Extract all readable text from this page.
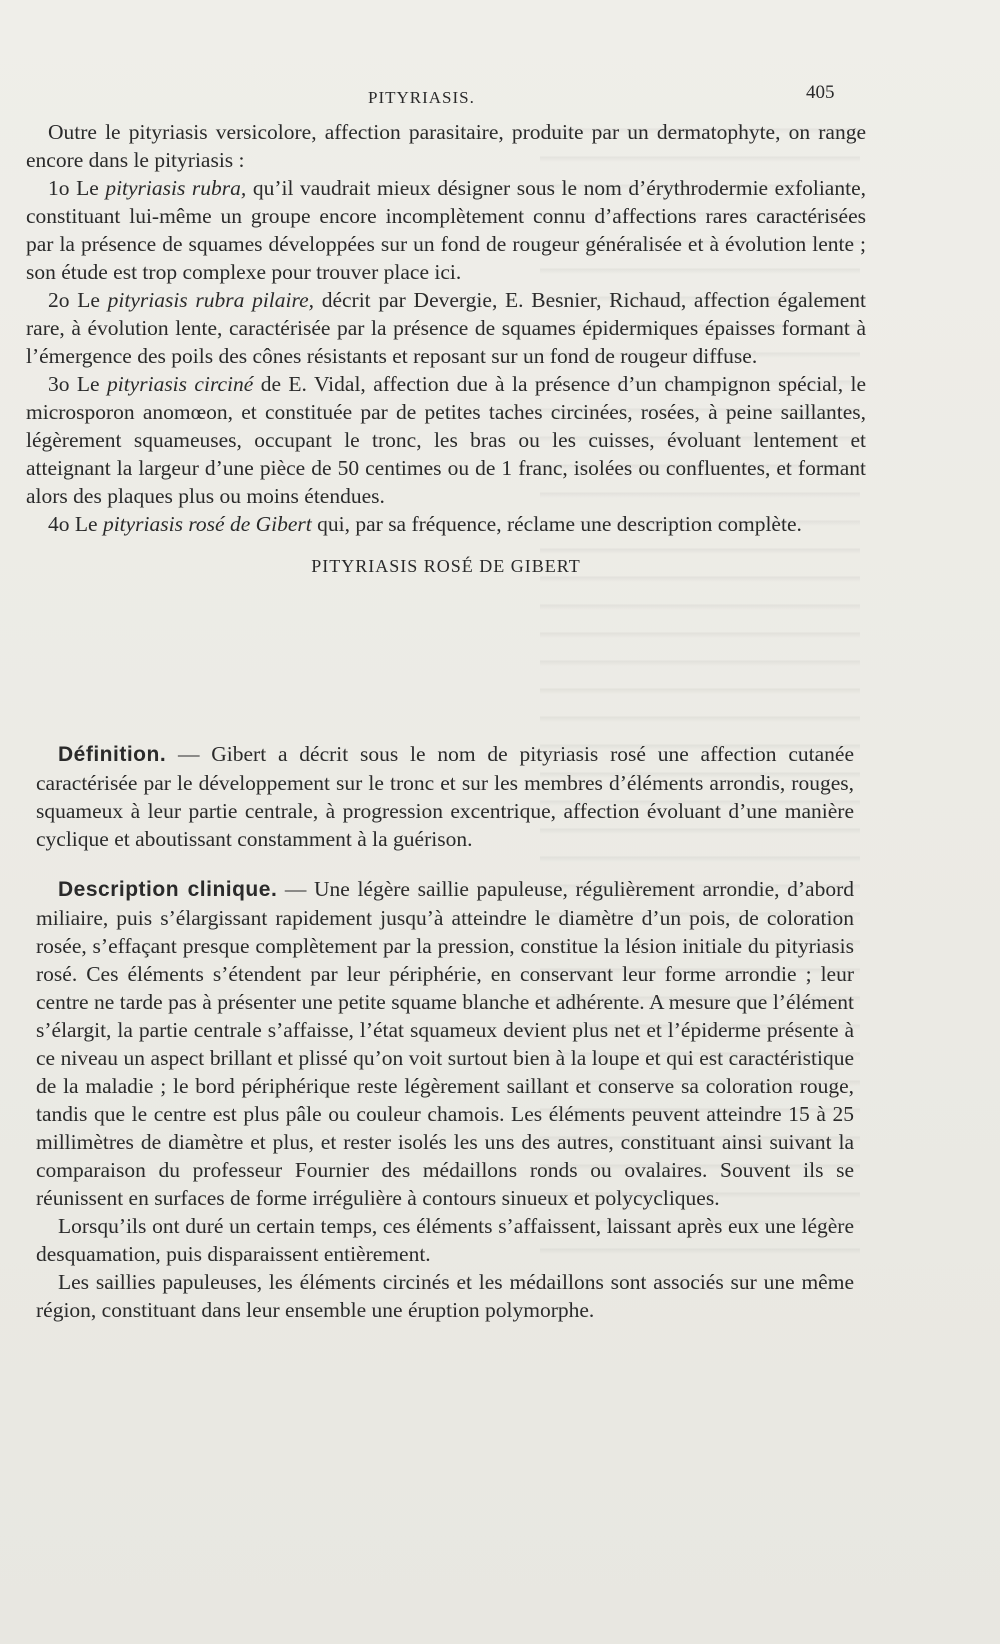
PITYRIASIS.	405

Outre le pityriasis versicolore, affection parasitaire, produite par un dermatophyte, on range encore dans le pityriasis :

1o Le pityriasis rubra, qu’il vaudrait mieux désigner sous le nom d’érythrodermie exfoliante, constituant lui-même un groupe encore incomplètement connu d’affections rares caractérisées par la présence de squames développées sur un fond de rougeur généralisée et à évolution lente ; son étude est trop complexe pour trouver place ici.

2o Le pityriasis rubra pilaire, décrit par Devergie, E. Besnier, Richaud, affection également rare, à évolution lente, caractérisée par la présence de squames épidermiques épaisses formant à l’émergence des poils des cônes résistants et reposant sur un fond de rougeur diffuse.

3o Le pityriasis circiné de E. Vidal, affection due à la présence d’un champignon spécial, le microsporon anomœon, et constituée par de petites taches circinées, rosées, à peine saillantes, légèrement squameuses, occupant le tronc, les bras ou les cuisses, évoluant lentement et atteignant la largeur d’une pièce de 50 centimes ou de 1 franc, isolées ou confluentes, et formant alors des plaques plus ou moins étendues.

4o Le pityriasis rosé de Gibert qui, par sa fréquence, réclame une description complète.

PITYRIASIS ROSÉ DE GIBERT

Définition. — Gibert a décrit sous le nom de pityriasis rosé une affection cutanée caractérisée par le développement sur le tronc et sur les membres d’éléments arrondis, rouges, squameux à leur partie centrale, à progression excentrique, affection évoluant d’une manière cyclique et aboutissant constamment à la guérison.

Description clinique. — Une légère saillie papuleuse, régulièrement arrondie, d’abord miliaire, puis s’élargissant rapidement jusqu’à atteindre le diamètre d’un pois, de coloration rosée, s’effaçant presque complètement par la pression, constitue la lésion initiale du pityriasis rosé. Ces éléments s’étendent par leur périphérie, en conservant leur forme arrondie ; leur centre ne tarde pas à présenter une petite squame blanche et adhérente. A mesure que l’élément s’élargit, la partie centrale s’affaisse, l’état squameux devient plus net et l’épiderme présente à ce niveau un aspect brillant et plissé qu’on voit surtout bien à la loupe et qui est caractéristique de la maladie ; le bord périphérique reste légèrement saillant et conserve sa coloration rouge, tandis que le centre est plus pâle ou couleur chamois. Les éléments peuvent atteindre 15 à 25 millimètres de diamètre et plus, et rester isolés les uns des autres, constituant ainsi suivant la comparaison du professeur Fournier des médaillons ronds ou ovalaires. Souvent ils se réunissent en surfaces de forme irrégulière à contours sinueux et polycycliques.

Lorsqu’ils ont duré un certain temps, ces éléments s’affaissent, laissant après eux une légère desquamation, puis disparaissent entièrement.

Les saillies papuleuses, les éléments circinés et les médaillons sont associés sur une même région, constituant dans leur ensemble une éruption polymorphe.
